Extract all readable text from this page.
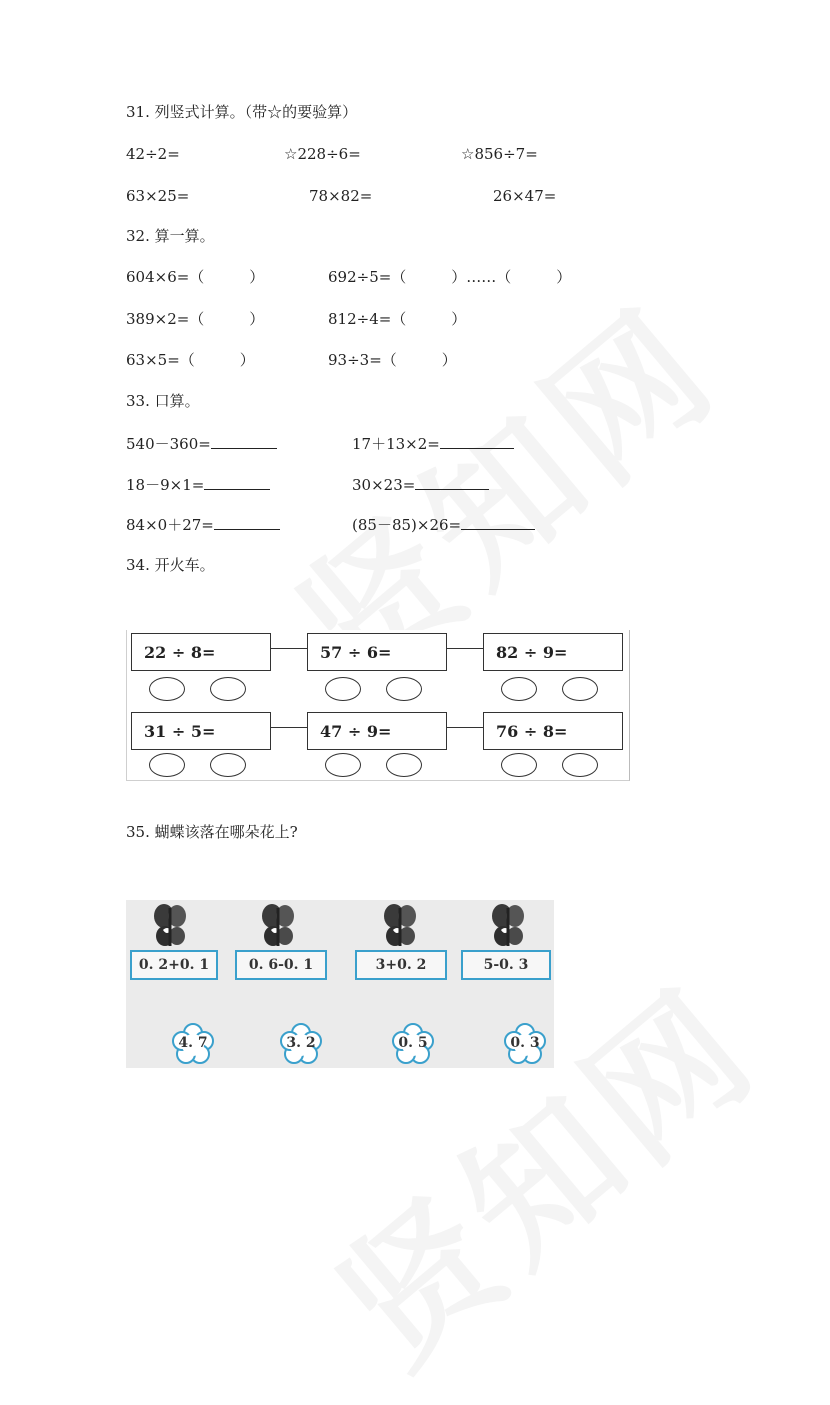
31. 列竖式计算。（带☆的要验算）
42÷2=	☆228÷6=	☆856÷7=
63×25=	78×82=	26×47=
32. 算一算。
604×6=（　　　）	692÷5=（　　　）……（　　　）
389×2=（　　　）	812÷4=（　　　）
63×5=（　　　）	93÷3=（　　　）
33. 口算。
540－360=	17＋13×2=
18－9×1=	30×23=
84×0＋27=	(85－85)×26=
34. 开火车。
22 ÷ 8=	57 ÷ 6=	82 ÷ 9=
31 ÷ 5=	47 ÷ 9=	76 ÷ 8=
35. 蝴蝶该落在哪朵花上?
0. 2+0. 1	0. 6-0. 1	3+0. 2	5-0. 3
4. 7	3. 2	0. 5	0. 3
